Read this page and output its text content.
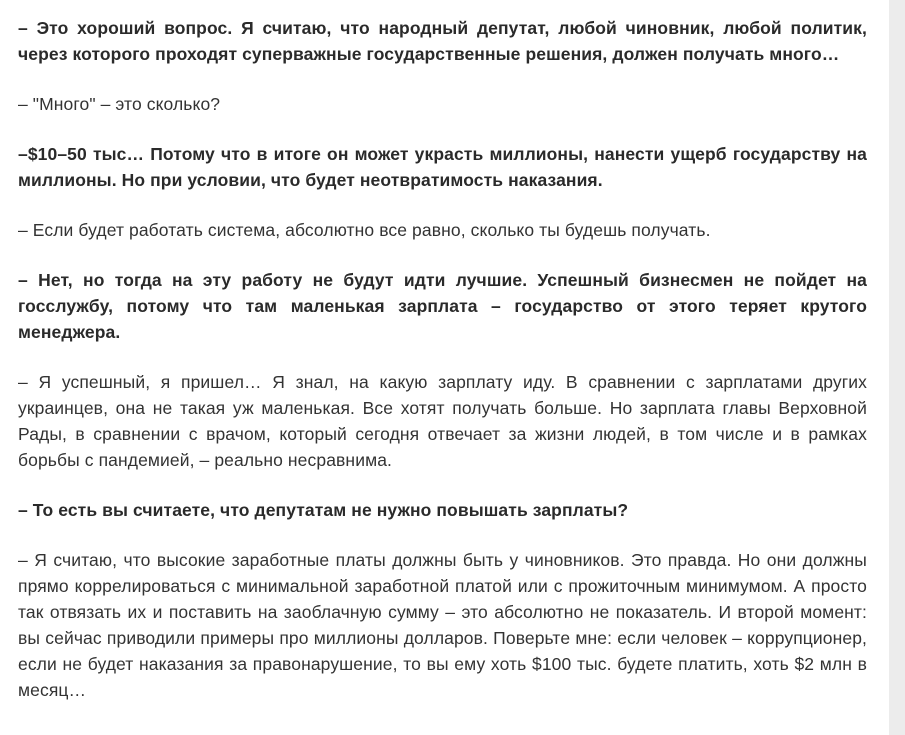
– Это хороший вопрос. Я считаю, что народный депутат, любой чиновник, любой политик, через которого проходят суперважные государственные решения, должен получать много…

– "Много" – это сколько?

–$10–50 тыс… Потому что в итоге он может украсть миллионы, нанести ущерб государству на миллионы. Но при условии, что будет неотвратимость наказания.

– Если будет работать система, абсолютно все равно, сколько ты будешь получать.

– Нет, но тогда на эту работу не будут идти лучшие. Успешный бизнесмен не пойдет на госслужбу, потому что там маленькая зарплата – государство от этого теряет крутого менеджера.

– Я успешный, я пришел… Я знал, на какую зарплату иду. В сравнении с зарплатами других украинцев, она не такая уж маленькая. Все хотят получать больше. Но зарплата главы Верховной Рады, в сравнении с врачом, который сегодня отвечает за жизни людей, в том числе и в рамках борьбы с пандемией, – реально несравнима.

– То есть вы считаете, что депутатам не нужно повышать зарплаты?

– Я считаю, что высокие заработные платы должны быть у чиновников. Это правда. Но они должны прямо коррелироваться с минимальной заработной платой или с прожиточным минимумом. А просто так отвязать их и поставить на заоблачную сумму – это абсолютно не показатель. И второй момент: вы сейчас приводили примеры про миллионы долларов. Поверьте мне: если человек – коррупционер, если не будет наказания за правонарушение, то вы ему хоть $100 тыс. будете платить, хоть $2 млн в месяц…
